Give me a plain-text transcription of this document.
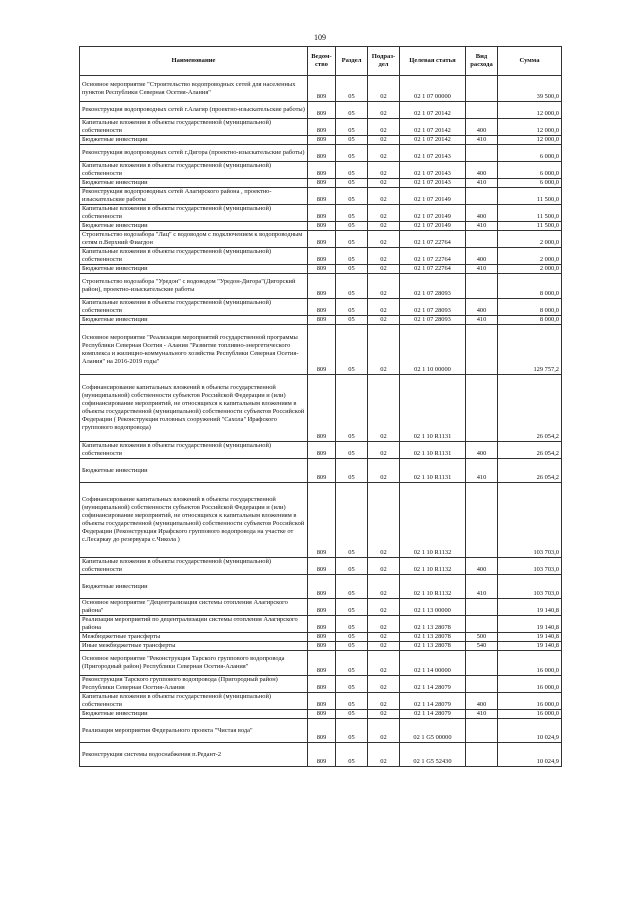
109
Наименование	Ведом-ство	Раздел	Подраз-дел	Целевая статья	Вид расхода	Сумма
Основное мероприятие "Строительство водопроводных сетей для населенных пунктов Республики Северная Осетия-Алания"	809	05	02	02 1 07 00000		39 500,0
Реконструкция водопроводных сетей г.Алагир (проектно-изыскательские работы)	809	05	02	02 1 07 20142		12 000,0
Капитальные вложения в объекты государственной (муниципальной) собственности	809	05	02	02 1 07 20142	400	12 000,0
Бюджетные инвестиции	809	05	02	02 1 07 20142	410	12 000,0
Реконструкция водопроводных сетей г.Дигора (проектно-изыскательские работы)	809	05	02	02 1 07 20143		6 000,0
Капитальные вложения в объекты государственной (муниципальной) собственности	809	05	02	02 1 07 20143	400	6 000,0
Бюджетные инвестиции	809	05	02	02 1 07 20143	410	6 000,0
Реконструкция водопроводных сетей Алагирского района , проектно-изыскательские работы	809	05	02	02 1 07 20149		11 500,0
Капитальные вложения в объекты государственной (муниципальной) собственности	809	05	02	02 1 07 20149	400	11 500,0
Бюджетные инвестиции	809	05	02	02 1 07 20149	410	11 500,0
Строительство водозабора "Лац" с водоводом с подключением к водопроводным сетям п.Верхний Фиагдон	809	05	02	02 1 07 22764		2 000,0
Капитальные вложения в объекты государственной (муниципальной) собственности	809	05	02	02 1 07 22764	400	2 000,0
Бюджетные инвестиции	809	05	02	02 1 07 22764	410	2 000,0
Строительство водозабора "Уредон" с водоводом "Уредон-Дигора"(Дигорский район), проектно-изыскательские работы	809	05	02	02 1 07 28093		8 000,0
Капитальные вложения в объекты государственной (муниципальной) собственности	809	05	02	02 1 07 28093	400	8 000,0
Бюджетные инвестиции	809	05	02	02 1 07 28093	410	8 000,0
Основное мероприятие "Реализация мероприятий государственной программы Республики Северная Осетия - Алания "Развитие топливно-энергетического комплекса и жилищно-коммунального хозяйства Республики Северная Осетия-Алания" на 2016-2019 годы"	809	05	02	02 1 10 00000		129 757,2
Софинансирование капитальных вложений в объекты государственной (муниципальной) собственности субъектов Российской Федерации и (или) софинансирование мероприятий, не относящихся к капитальным вложениям в объекты государственной (муниципальной) собственности субъектов Российской Федерации ( Реконструкция головных сооружений "Сахола" Ирафского группового водопровода)	809	05	02	02 1 10 R1131		26 054,2
Капитальные вложения в объекты государственной (муниципальной) собственности	809	05	02	02 1 10 R1131	400	26 054,2
Бюджетные инвестиции	809	05	02	02 1 10 R1131	410	26 054,2
Софинансирование капитальных вложений в объекты государственной (муниципальной) собственности субъектов Российской Федерации и (или) софинансирование мероприятий, не относящихся к капитальным вложениям в объекты государственной (муниципальной) собственности субъектов Российской Федерации (Реконструкция Ирафского группового водопровода на участке от с.Лесаркау до резервуара с.Чикола )	809	05	02	02 1 10 R1132		103 703,0
Капитальные вложения в объекты государственной (муниципальной) собственности	809	05	02	02 1 10 R1132	400	103 703,0
Бюджетные инвестиции	809	05	02	02 1 10 R1132	410	103 703,0
Основное мероприятие "Децентрализация системы отопления Алагирского района"	809	05	02	02 1 13 00000		19 140,8
Реализация мероприятий по децентрализации системы отопления Алагирского района	809	05	02	02 1 13 28078		19 140,8
Межбюджетные трансферты	809	05	02	02 1 13 28078	500	19 140,8
Иные межбюджетные трансферты	809	05	02	02 1 13 28078	540	19 140,8
Основное мероприятие "Реконструкция Тарского группового водопровода (Пригородный район) Республики Северная Осетия-Алания"	809	05	02	02 1 14 00000		16 000,0
Реконструкция Тарского группового водопровода (Пригородный район) Республики Северная Осетия-Алания	809	05	02	02 1 14 28079		16 000,0
Капитальные вложения в объекты государственной (муниципальной) собственности	809	05	02	02 1 14 28079	400	16 000,0
Бюджетные инвестиции	809	05	02	02 1 14 28079	410	16 000,0
Реализация мероприятия Федерального проекта "Чистая вода"	809	05	02	02 1 G5 00000		10 024,9
Реконструкция системы водоснабжения п.Редант-2	809	05	02	02 1 G5 52430		10 024,9
